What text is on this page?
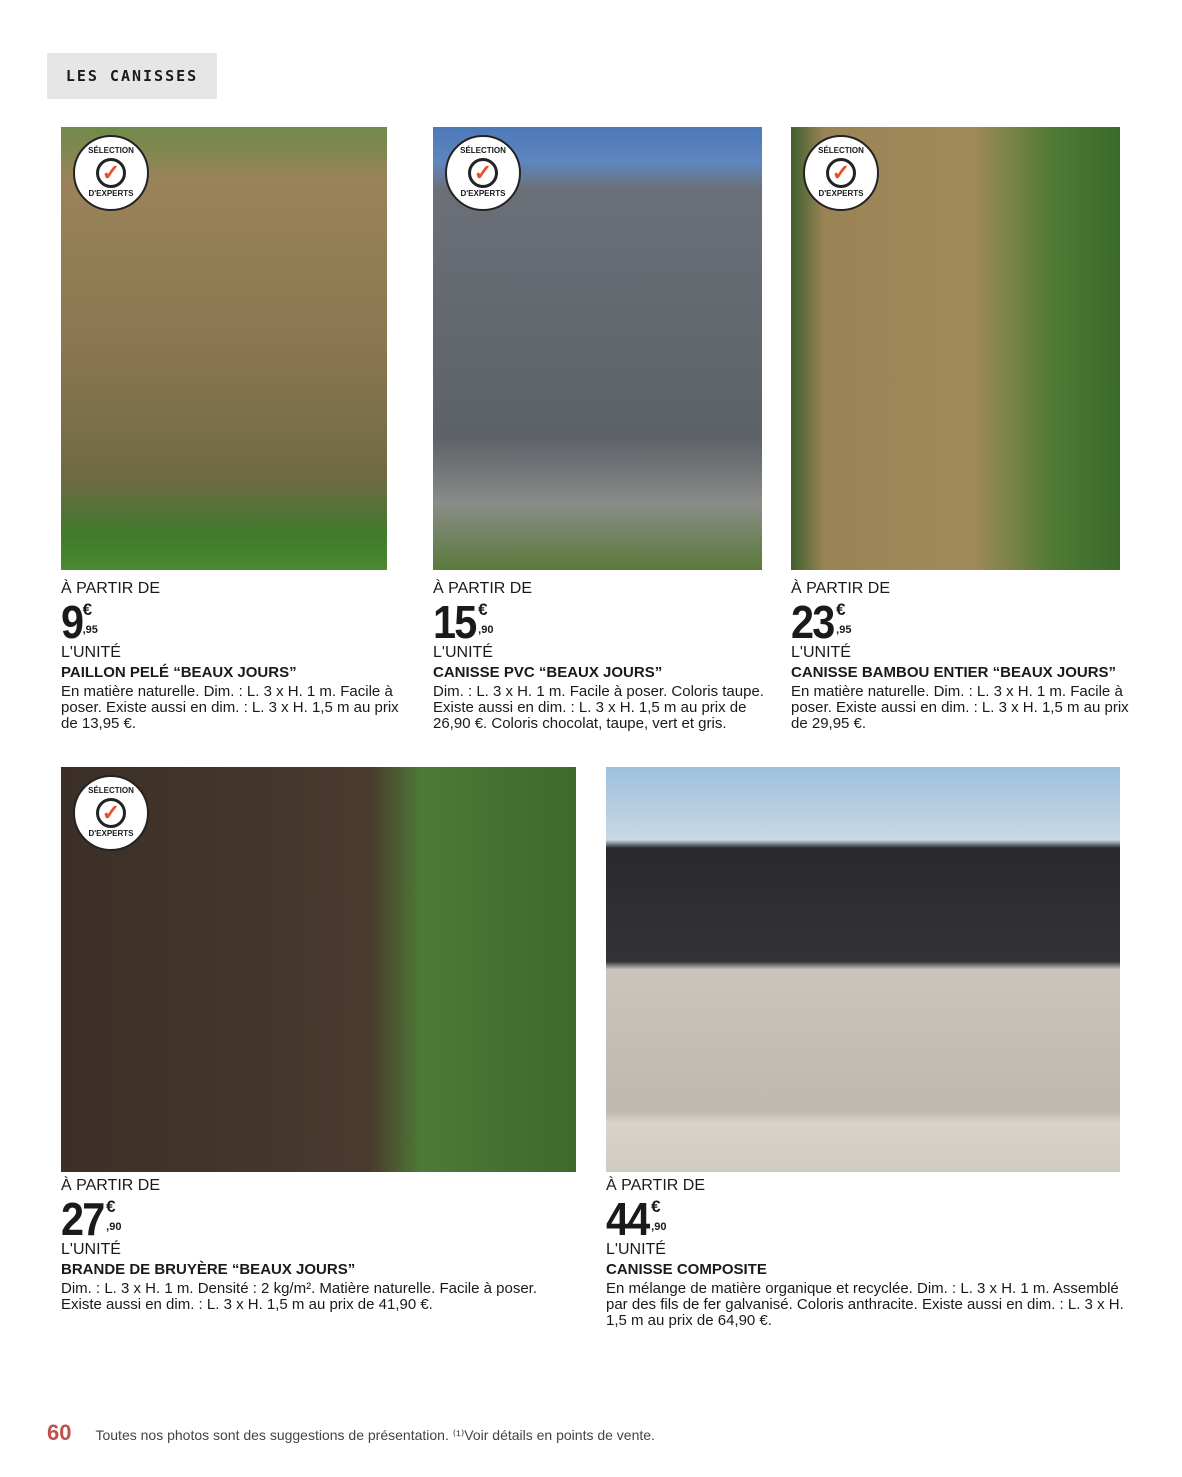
LES CANISSES
SÉLECTION
✓
D'EXPERTS
SÉLECTION
✓
D'EXPERTS
SÉLECTION
✓
D'EXPERTS
SÉLECTION
✓
D'EXPERTS
À PARTIR DE
9 €
,95
L'UNITÉ
PAILLON PELÉ “BEAUX JOURS”
En matière naturelle. Dim. : L. 3 x H. 1 m. Facile à poser. Existe aussi en dim. : L. 3 x H. 1,5 m au prix de 13,95 €.
À PARTIR DE
15 €
,90
L'UNITÉ
CANISSE PVC “BEAUX JOURS”
Dim. : L. 3 x H. 1 m. Facile à poser. Coloris taupe. Existe aussi en dim. : L. 3 x H. 1,5 m au prix de 26,90 €. Coloris chocolat, taupe, vert et gris.
À PARTIR DE
23 €
,95
L'UNITÉ
CANISSE BAMBOU ENTIER “BEAUX JOURS”
En matière naturelle. Dim. : L. 3 x H. 1 m. Facile à poser. Existe aussi en dim. : L. 3 x H. 1,5 m au prix de 29,95 €.
À PARTIR DE
27 €
,90
L'UNITÉ
BRANDE DE BRUYÈRE “BEAUX JOURS”
Dim. : L. 3 x H. 1 m. Densité : 2 kg/m². Matière naturelle. Facile à poser. Existe aussi en dim. : L. 3 x H. 1,5 m au prix de 41,90 €.
À PARTIR DE
44 €
,90
L'UNITÉ
CANISSE COMPOSITE
En mélange de matière organique et recyclée. Dim. : L. 3 x H. 1 m. Assemblé par des fils de fer galvanisé. Coloris anthracite. Existe aussi en dim. : L. 3 x H. 1,5 m au prix de 64,90 €.
60 Toutes nos photos sont des suggestions de présentation. ⁽¹⁾Voir détails en points de vente.
